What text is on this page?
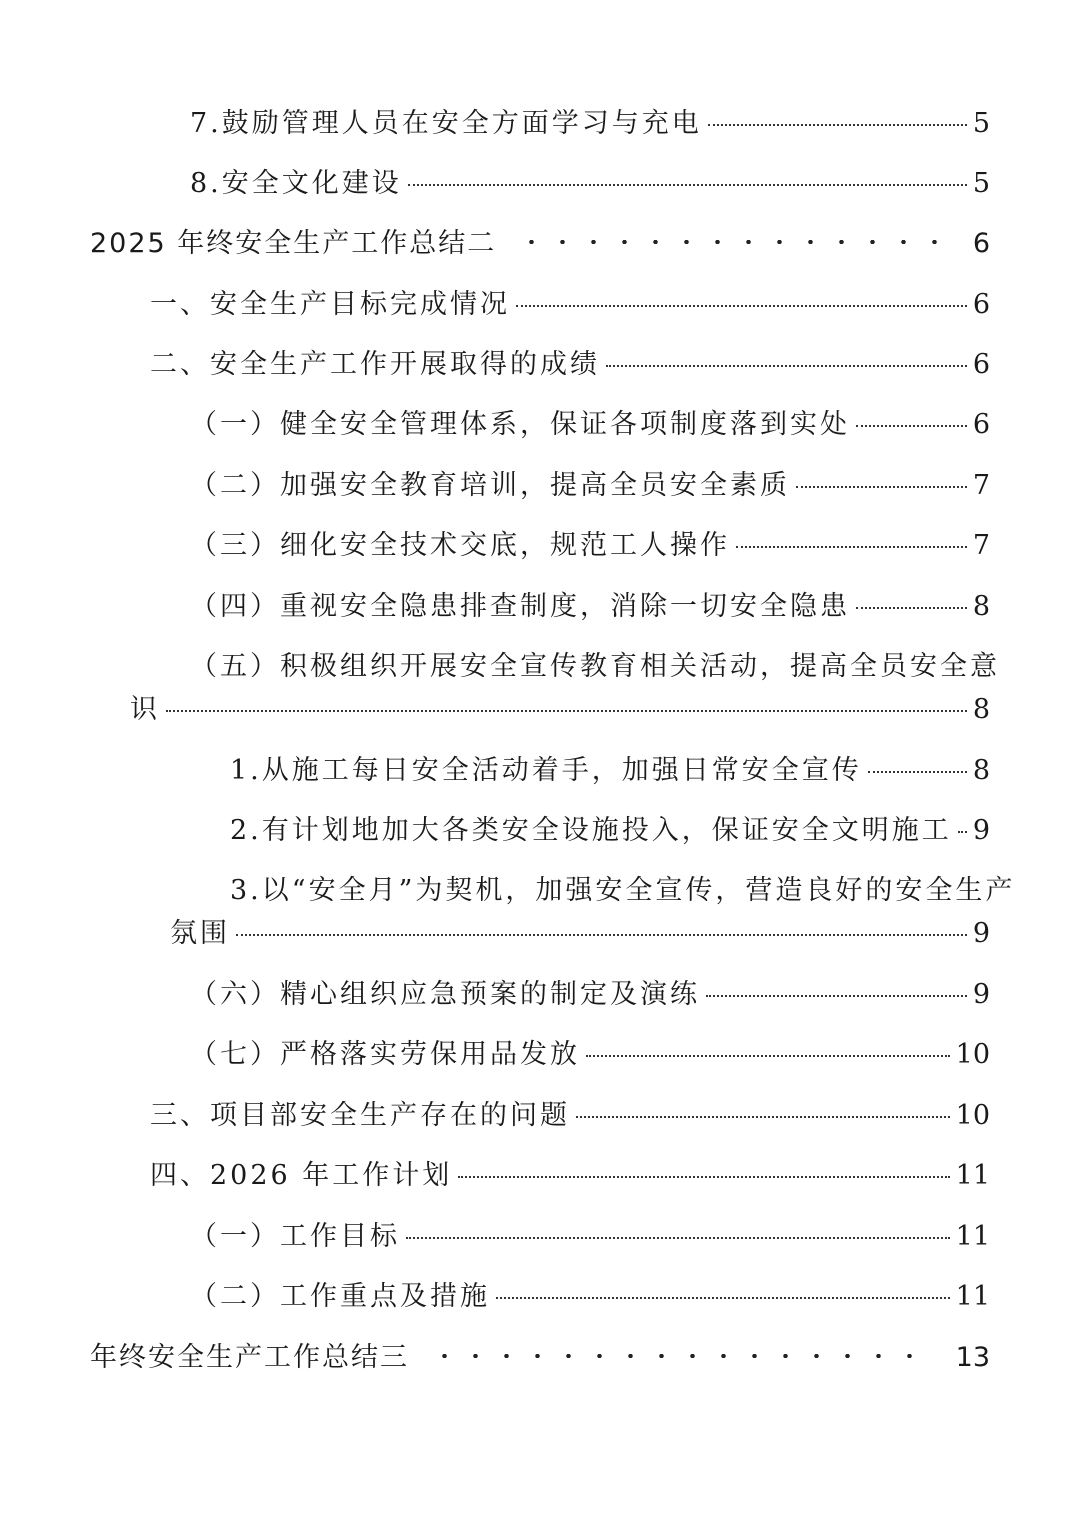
7.鼓励管理人员在安全方面学习与充电	5
8.安全文化建设	5
2025 年终安全生产工作总结二	6
一、安全生产目标完成情况	6
二、安全生产工作开展取得的成绩	6
（一）健全安全管理体系，保证各项制度落到实处	6
（二）加强安全教育培训，提高全员安全素质	7
（三）细化安全技术交底，规范工人操作	7
（四）重视安全隐患排查制度，消除一切安全隐患	8
（五）积极组织开展安全宣传教育相关活动，提高全员安全意
识	8
1.从施工每日安全活动着手，加强日常安全宣传	8
2.有计划地加大各类安全设施投入，保证安全文明施工 9
3.以“安全月”为契机，加强安全宣传，营造良好的安全生产
氛围	9
（六）精心组织应急预案的制定及演练	9
（七）严格落实劳保用品发放	10
三、项目部安全生产存在的问题	10
四、2026 年工作计划	11
（一）工作目标	11
（二）工作重点及措施	11
年终安全生产工作总结三	13
